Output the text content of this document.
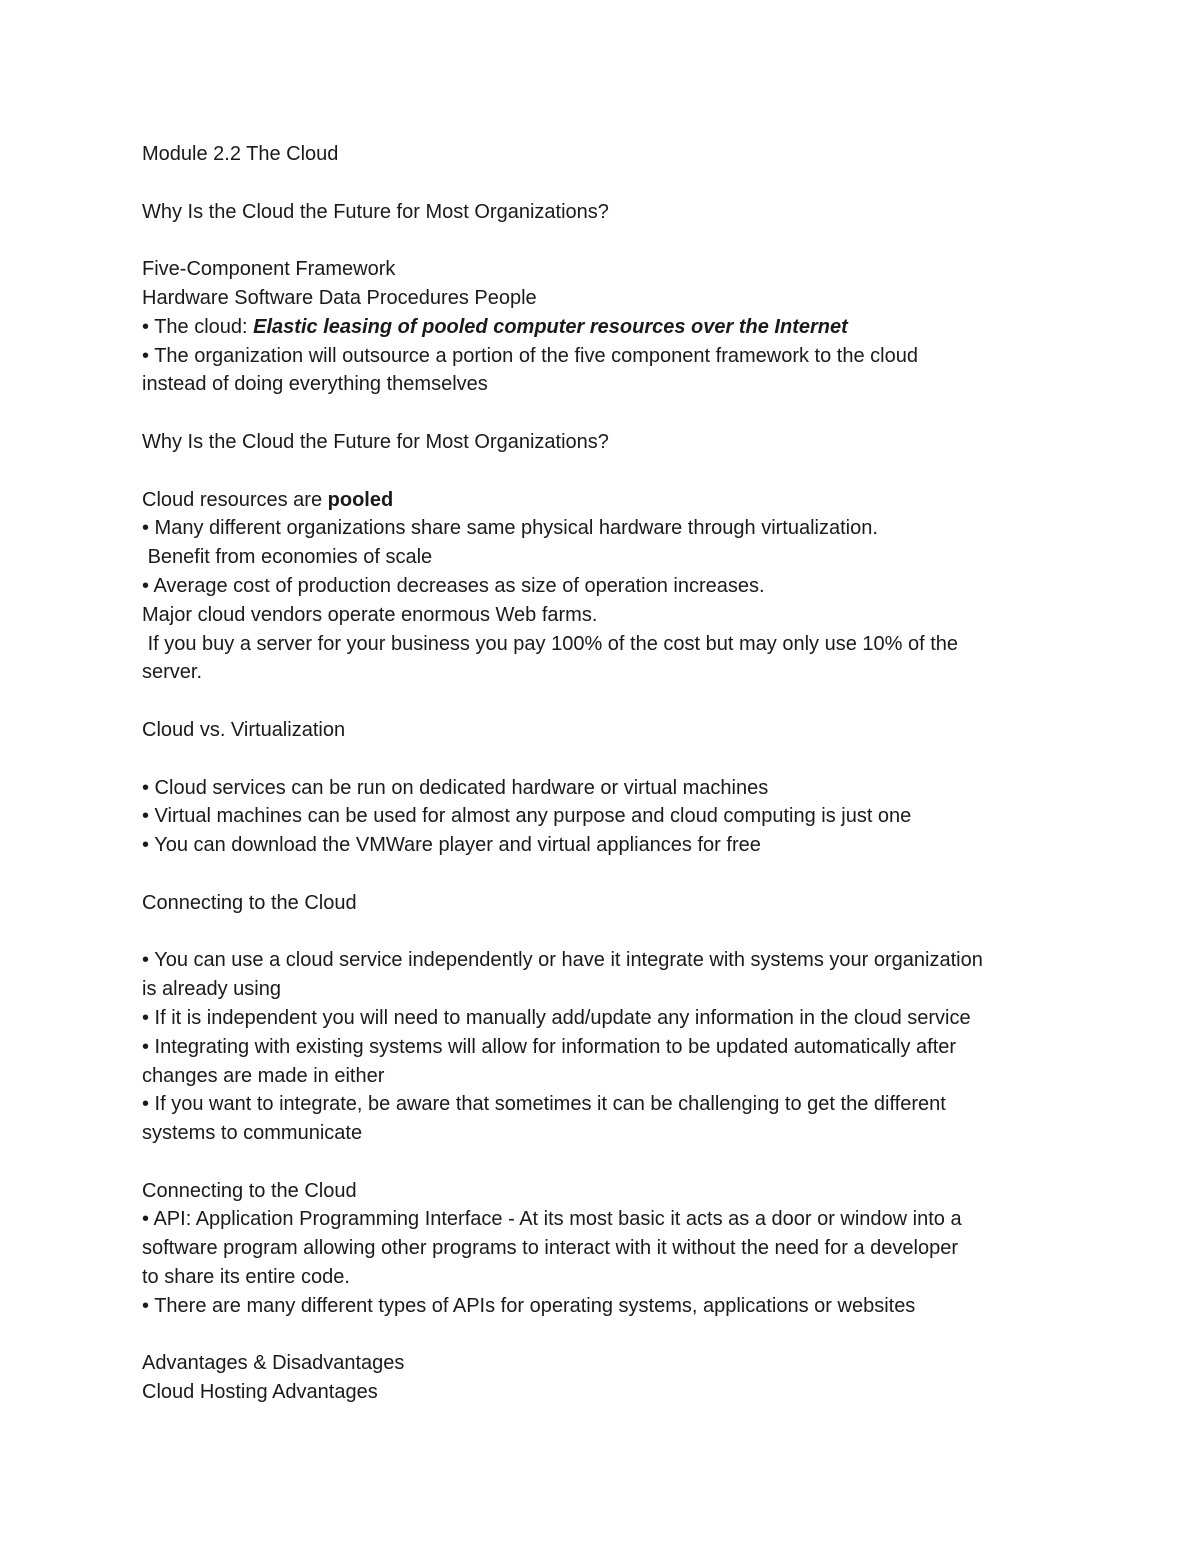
Module 2.2 The Cloud

Why Is the Cloud the Future for Most Organizations?

Five-Component Framework

Hardware Software Data Procedures People

• The cloud: Elastic leasing of pooled computer resources over the Internet

• The organization will outsource a portion of the five component framework to the cloud

instead of doing everything themselves

Why Is the Cloud the Future for Most Organizations?

Cloud resources are pooled

• Many different organizations share same physical hardware through virtualization.

Benefit from economies of scale

• Average cost of production decreases as size of operation increases.

Major cloud vendors operate enormous Web farms.

If you buy a server for your business you pay 100% of the cost but may only use 10% of the

server.

Cloud vs. Virtualization

• Cloud services can be run on dedicated hardware or virtual machines

• Virtual machines can be used for almost any purpose and cloud computing is just one

• You can download the VMWare player and virtual appliances for free

Connecting to the Cloud

• You can use a cloud service independently or have it integrate with systems your organization

is already using

• If it is independent you will need to manually add/update any information in the cloud service

• Integrating with existing systems will allow for information to be updated automatically after

changes are made in either

• If you want to integrate, be aware that sometimes it can be challenging to get the different

systems to communicate

Connecting to the Cloud

• API: Application Programming Interface - At its most basic it acts as a door or window into a

software program allowing other programs to interact with it without the need for a developer

to share its entire code.

• There are many different types of APIs for operating systems, applications or websites

Advantages & Disadvantages

Cloud Hosting Advantages
